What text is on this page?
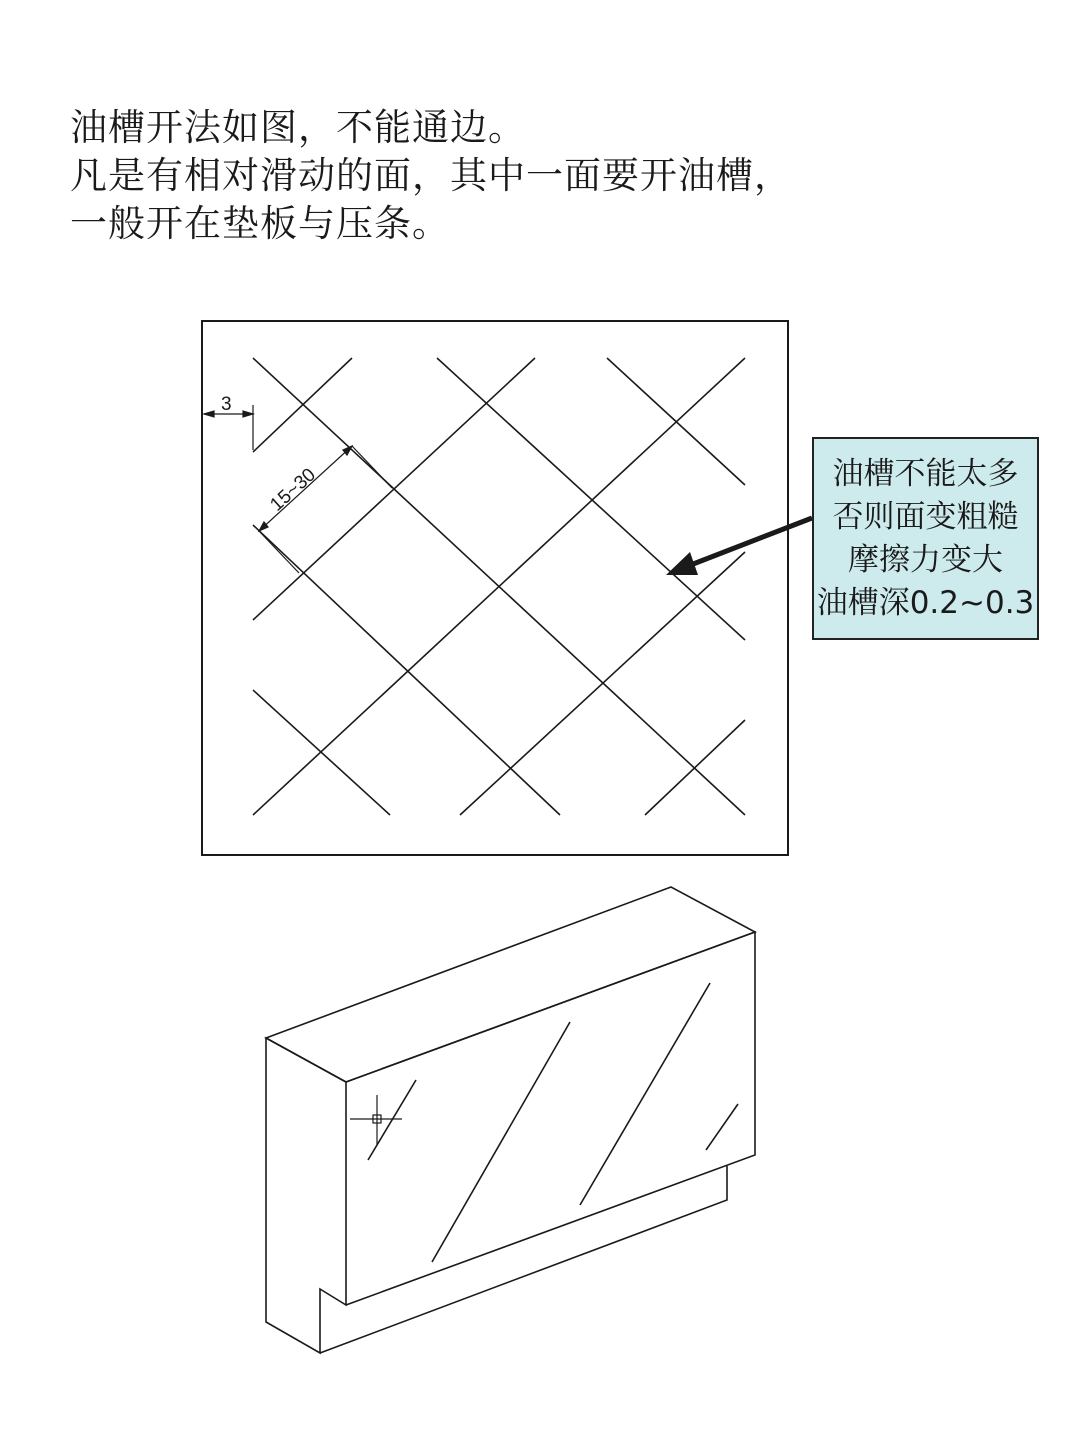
油槽开法如图，不能通边。
凡是有相对滑动的面，其中一面要开油槽，
一般开在垫板与压条。
3
15~30	油槽不能太多
否则面变粗糙
摩擦力变大
油槽深0.2~0.3
